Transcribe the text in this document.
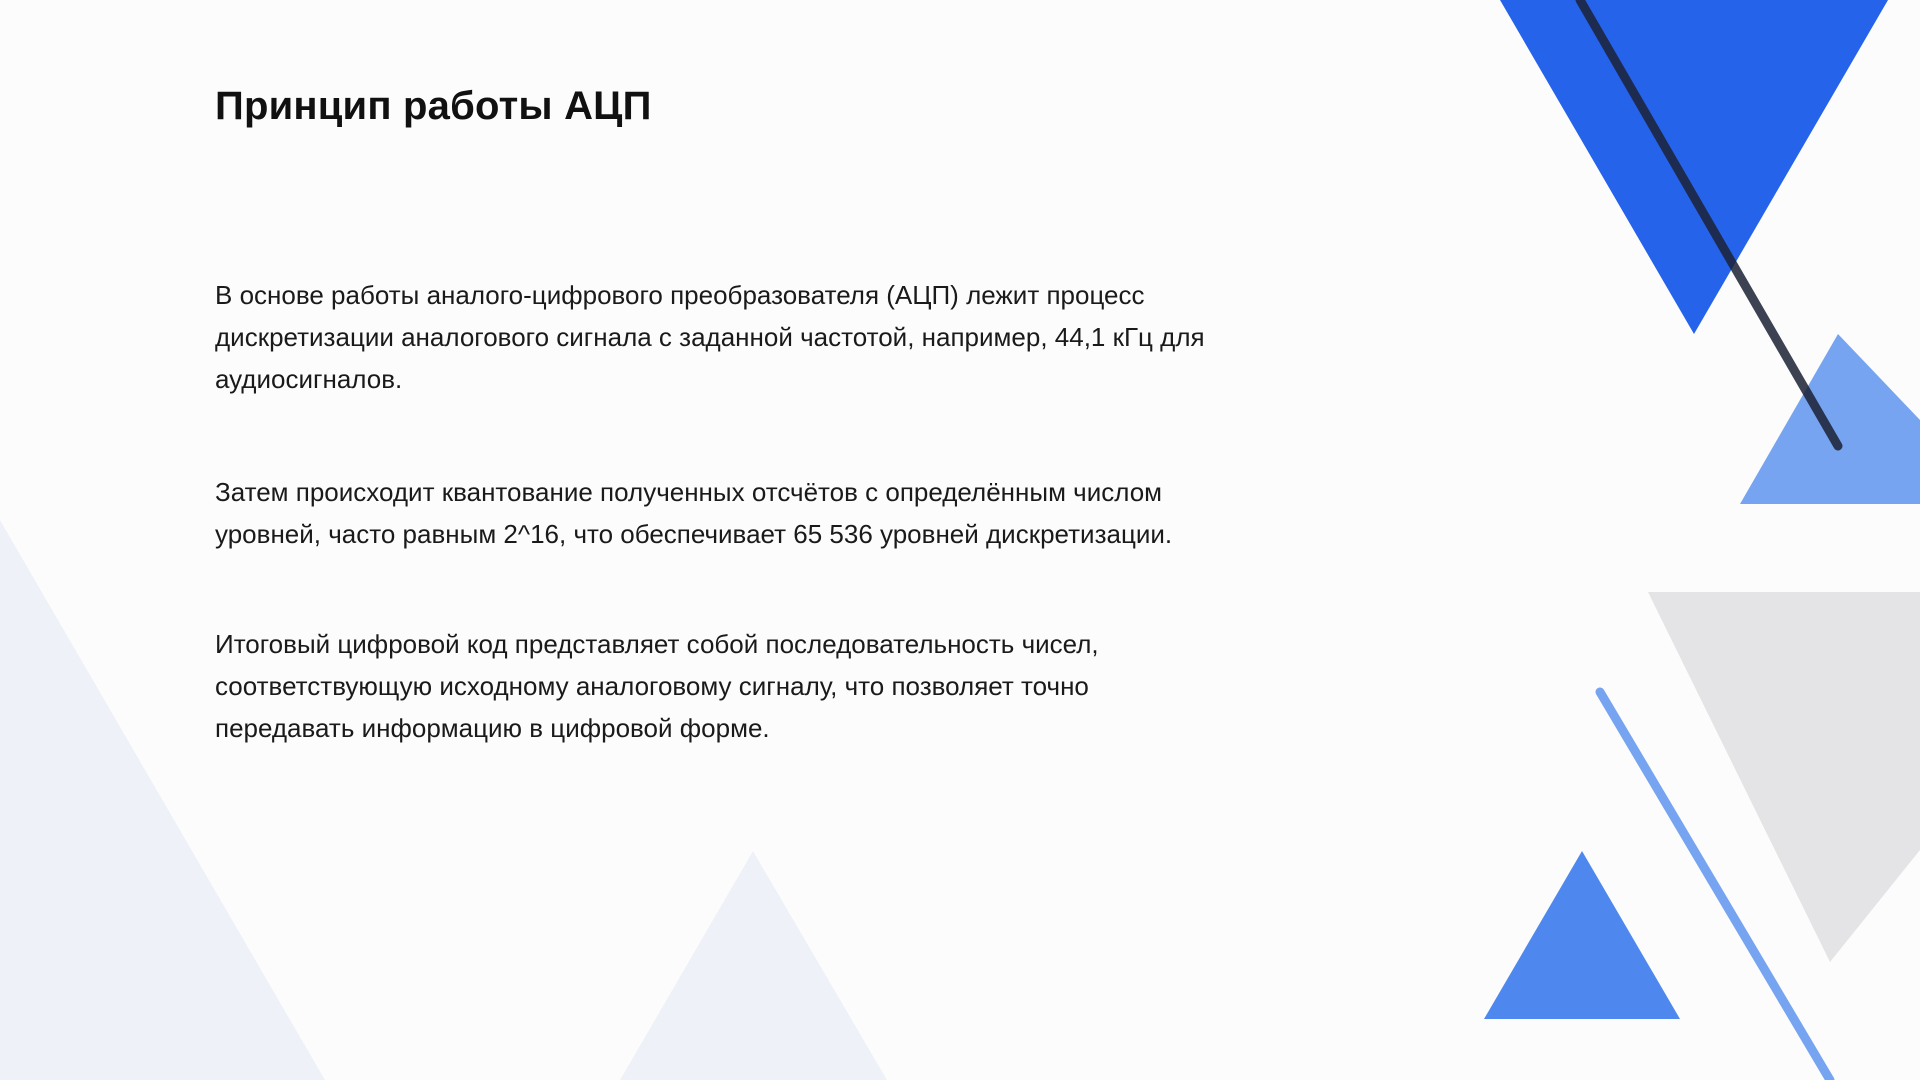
Принцип работы АЦП

В основе работы аналого-цифрового преобразователя (АЦП) лежит процесс дискретизации аналогового сигнала с заданной частотой, например, 44,1 кГц для аудиосигналов.

Затем происходит квантование полученных отсчётов с определённым числом уровней, часто равным 2^16, что обеспечивает 65 536 уровней дискретизации.

Итоговый цифровой код представляет собой последовательность чисел, соответствующую исходному аналоговому сигналу, что позволяет точно передавать информацию в цифровой форме.
